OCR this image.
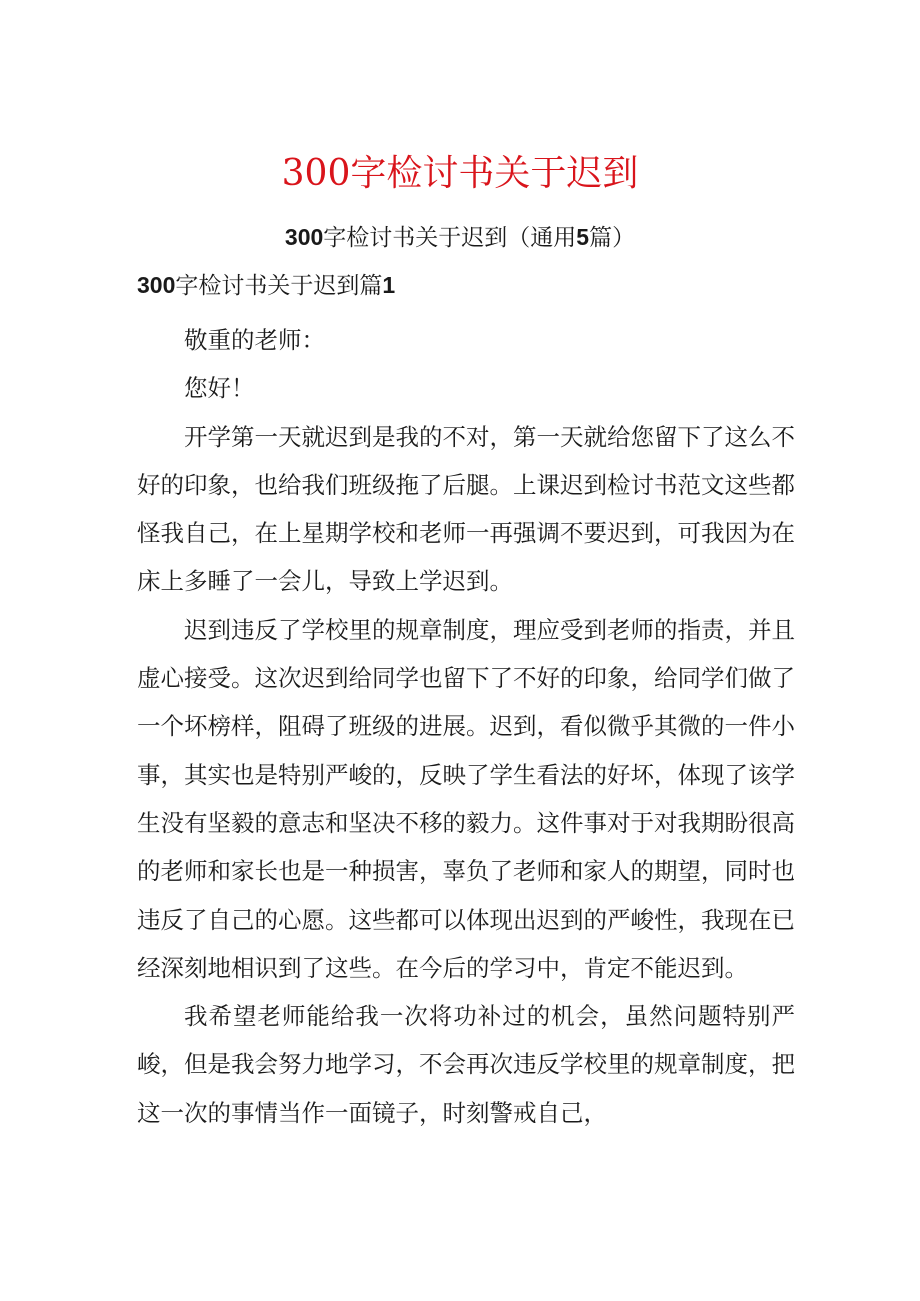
300字检讨书关于迟到
300字检讨书关于迟到（通用5篇）
300字检讨书关于迟到篇1

敬重的老师：

您好！

开学第一天就迟到是我的不对，第一天就给您留下了这么不好的印象，也给我们班级拖了后腿。上课迟到检讨书范文这些都怪我自己，在上星期学校和老师一再强调不要迟到，可我因为在床上多睡了一会儿，导致上学迟到。

迟到违反了学校里的规章制度，理应受到老师的指责，并且虚心接受。这次迟到给同学也留下了不好的印象，给同学们做了一个坏榜样，阻碍了班级的进展。迟到，看似微乎其微的一件小事，其实也是特别严峻的，反映了学生看法的好坏，体现了该学生没有坚毅的意志和坚决不移的毅力。这件事对于对我期盼很高的老师和家长也是一种损害，辜负了老师和家人的期望，同时也违反了自己的心愿。这些都可以体现出迟到的严峻性，我现在已经深刻地相识到了这些。在今后的学习中，肯定不能迟到。

我希望老师能给我一次将功补过的机会，虽然问题特别严峻，但是我会努力地学习，不会再次违反学校里的规章制度，把这一次的事情当作一面镜子，时刻警戒自己，
